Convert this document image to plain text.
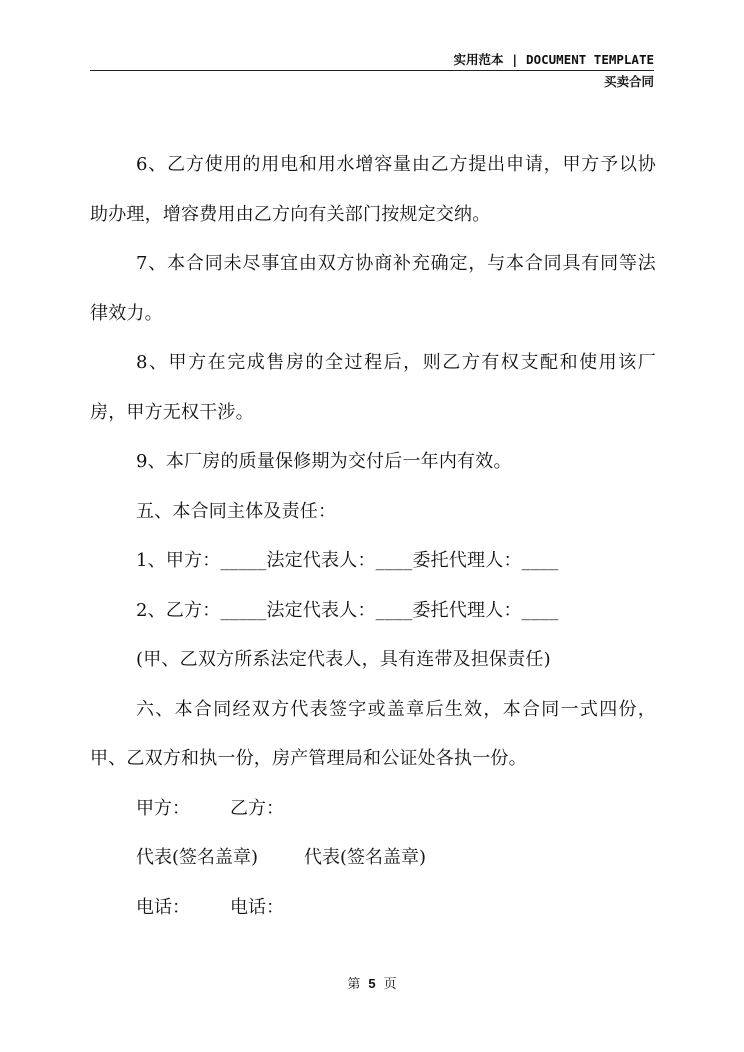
实用范本 | DOCUMENT TEMPLATE
买卖合同

6、乙方使用的用电和用水增容量由乙方提出申请，甲方予以协助办理，增容费用由乙方向有关部门按规定交纳。

7、本合同未尽事宜由双方协商补充确定，与本合同具有同等法律效力。

8、甲方在完成售房的全过程后，则乙方有权支配和使用该厂房，甲方无权干涉。

9、本厂房的质量保修期为交付后一年内有效。

五、本合同主体及责任：

1、甲方：_____法定代表人：____委托代理人：____

2、乙方：_____法定代表人：____委托代理人：____

(甲、乙双方所系法定代表人，具有连带及担保责任)

六、本合同经双方代表签字或盖章后生效，本合同一式四份，甲、乙双方和执一份，房产管理局和公证处各执一份。

甲方：	乙方：
代表(签名盖章)	代表(签名盖章)
电话：	电话：
第 5 页
